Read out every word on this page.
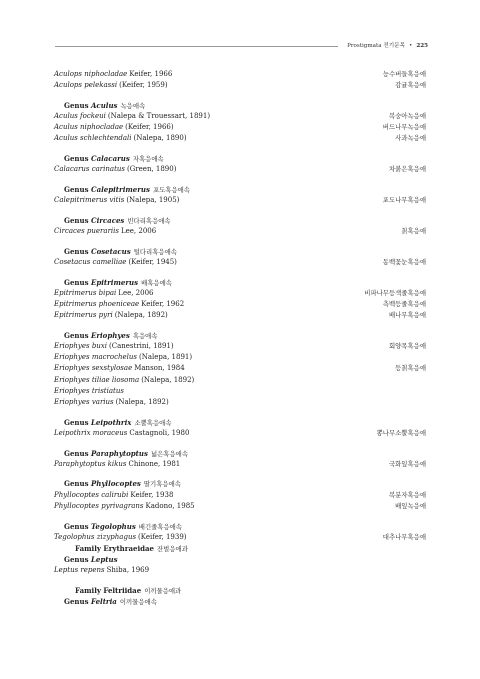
Prostigmata 전기문목 • 225
Aculops niphocladae Keifer, 1966	능수버들혹응애
Aculops pelekassi (Keifer, 1959)	감귤혹응애
Genus Aculus 녹응애속
Aculus fockeui (Nalepa & Trouessart, 1891)	복숭아녹응애
Aculus niphocladae (Keifer, 1966)	버드나무녹응애
Aculus schlechtendali (Nalepa, 1890)	사과녹응애
Genus Calacarus 자혹응애속
Calacarus carinatus (Green, 1890)	차붉은혹응애
Genus Calepitrimerus 포도혹응애속
Calepitrimerus vitis (Nalepa, 1905)	포도나무혹응애
Genus Circaces 빈다리혹응애속
Circaces puerariis Lee, 2006	칡혹응애
Genus Cosetacus 털다리혹응애속
Cosetacus camelliae (Keifer, 1945)	동백꽃눈혹응애
Genus Epitrimerus 배혹응애속
Epitrimerus bipai Lee, 2006	비파나무등색줄혹응애
Epitrimerus phoeniceae Keifer, 1962	측백등줄혹응애
Epitrimerus pyri (Nalepa, 1892)	배나무혹응애
Genus Eriophyes 혹응애속
Eriophyes buxi (Canestrini, 1891)	회양목혹응애
Eriophyes macrochelus (Nalepa, 1891)
Eriophyes sexstylosae Manson, 1984	등칡혹응애
Eriophyes tiliae liosoma (Nalepa, 1892)
Eriophyes tristiatus
Eriophyes varius (Nalepa, 1892)
Genus Leipothrix 소뿔혹응애속
Leipothrix moraceus Castagnoli, 1980	뽕나무소뿔혹응애
Genus Paraphytoptus 넓은혹응애속
Paraphytoptus kikus Chinone, 1981	국화잎혹응애
Genus Phyllocoptes 딸기혹응애속
Phyllocoptes calirubi Keifer, 1938	복분자혹응애
Phyllocoptes pyrivagrans Kadono, 1985	배잎녹응애
Genus Tegolophus 배긴줄혹응애속
Tegolophus zizyphagus (Keifer, 1939)	대추나무혹응애
Family Erythraeidae 잔벌응애과
Genus Leptus
Leptus repens Shiba, 1969
Family Feltriidae 이끼물응애과
Genus Feltria 이끼물응애속
